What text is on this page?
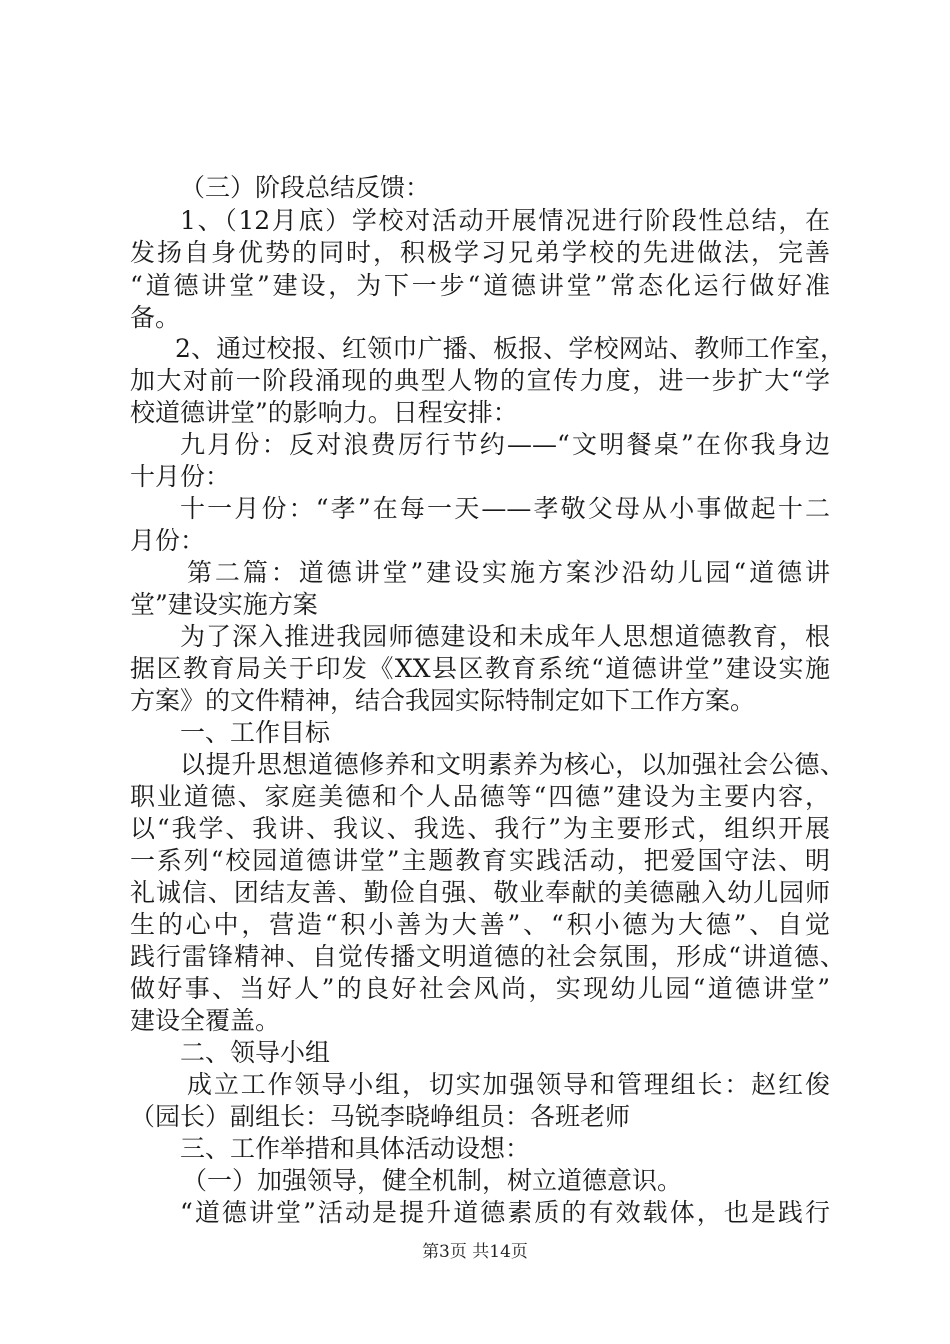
（三）阶段总结反馈：
1、（12月底）学校对活动开展情况进行阶段性总结，在
发扬自身优势的同时，积极学习兄弟学校的先进做法，完善
“道德讲堂”建设，为下一步“道德讲堂”常态化运行做好准
备。
2、通过校报、红领巾广播、板报、学校网站、教师工作室，
加大对前一阶段涌现的典型人物的宣传力度，进一步扩大“学
校道德讲堂”的影响力。日程安排：
九月份：反对浪费厉行节约——“文明餐桌”在你我身边
十月份：
十一月份：“孝”在每一天——孝敬父母从小事做起十二
月份：
第二篇：道德讲堂”建设实施方案沙沿幼儿园“道德讲
堂”建设实施方案
为了深入推进我园师德建设和未成年人思想道德教育，根
据区教育局关于印发《XX县区教育系统“道德讲堂”建设实施
方案》的文件精神，结合我园实际特制定如下工作方案。
一、工作目标
以提升思想道德修养和文明素养为核心，以加强社会公德、
职业道德、家庭美德和个人品德等“四德”建设为主要内容，
以“我学、我讲、我议、我选、我行”为主要形式，组织开展
一系列“校园道德讲堂”主题教育实践活动，把爱国守法、明
礼诚信、团结友善、勤俭自强、敬业奉献的美德融入幼儿园师
生的心中，营造“积小善为大善”、“积小德为大德”、自觉
践行雷锋精神、自觉传播文明道德的社会氛围，形成“讲道德、
做好事、当好人”的良好社会风尚，实现幼儿园“道德讲堂”
建设全覆盖。
二、领导小组
成立工作领导小组，切实加强领导和管理组长：赵红俊
（园长）副组长：马锐李晓峥组员：各班老师
三、工作举措和具体活动设想：
（一）加强领导，健全机制，树立道德意识。
“道德讲堂”活动是提升道德素质的有效载体，也是践行
第3页 共14页
